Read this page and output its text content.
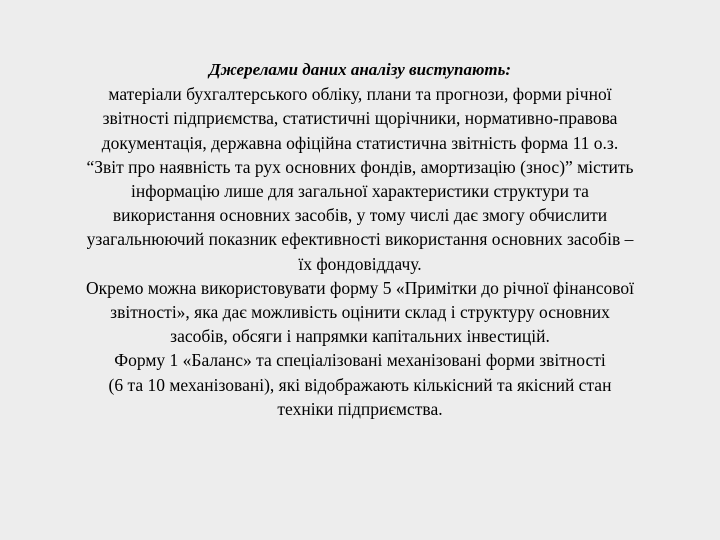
Джерелами даних аналізу виступають:
матеріали бухгалтерського обліку, плани та прогнози, форми річної
звітності підприємства, статистичні щорічники, нормативно-правова
документація, державна офіційна статистична звітність форма 11 о.з.
“Звіт про наявність та рух основних фондів, амортизацію (знос)” містить
інформацію лише для загальної характеристики структури та
використання основних засобів, у тому числі дає змогу обчислити
узагальнюючий показник ефективності використання основних засобів –
їх фондовіддачу.
Окремо можна використовувати форму 5 «Примітки до річної фінансової
звітності», яка дає можливість оцінити склад і структуру основних
засобів, обсяги і напрямки капітальних інвестицій.
Форму 1 «Баланс» та спеціалізовані механізовані форми звітності
(6 та 10 механізовані), які відображають кількісний та якісний стан
техніки підприємства.
